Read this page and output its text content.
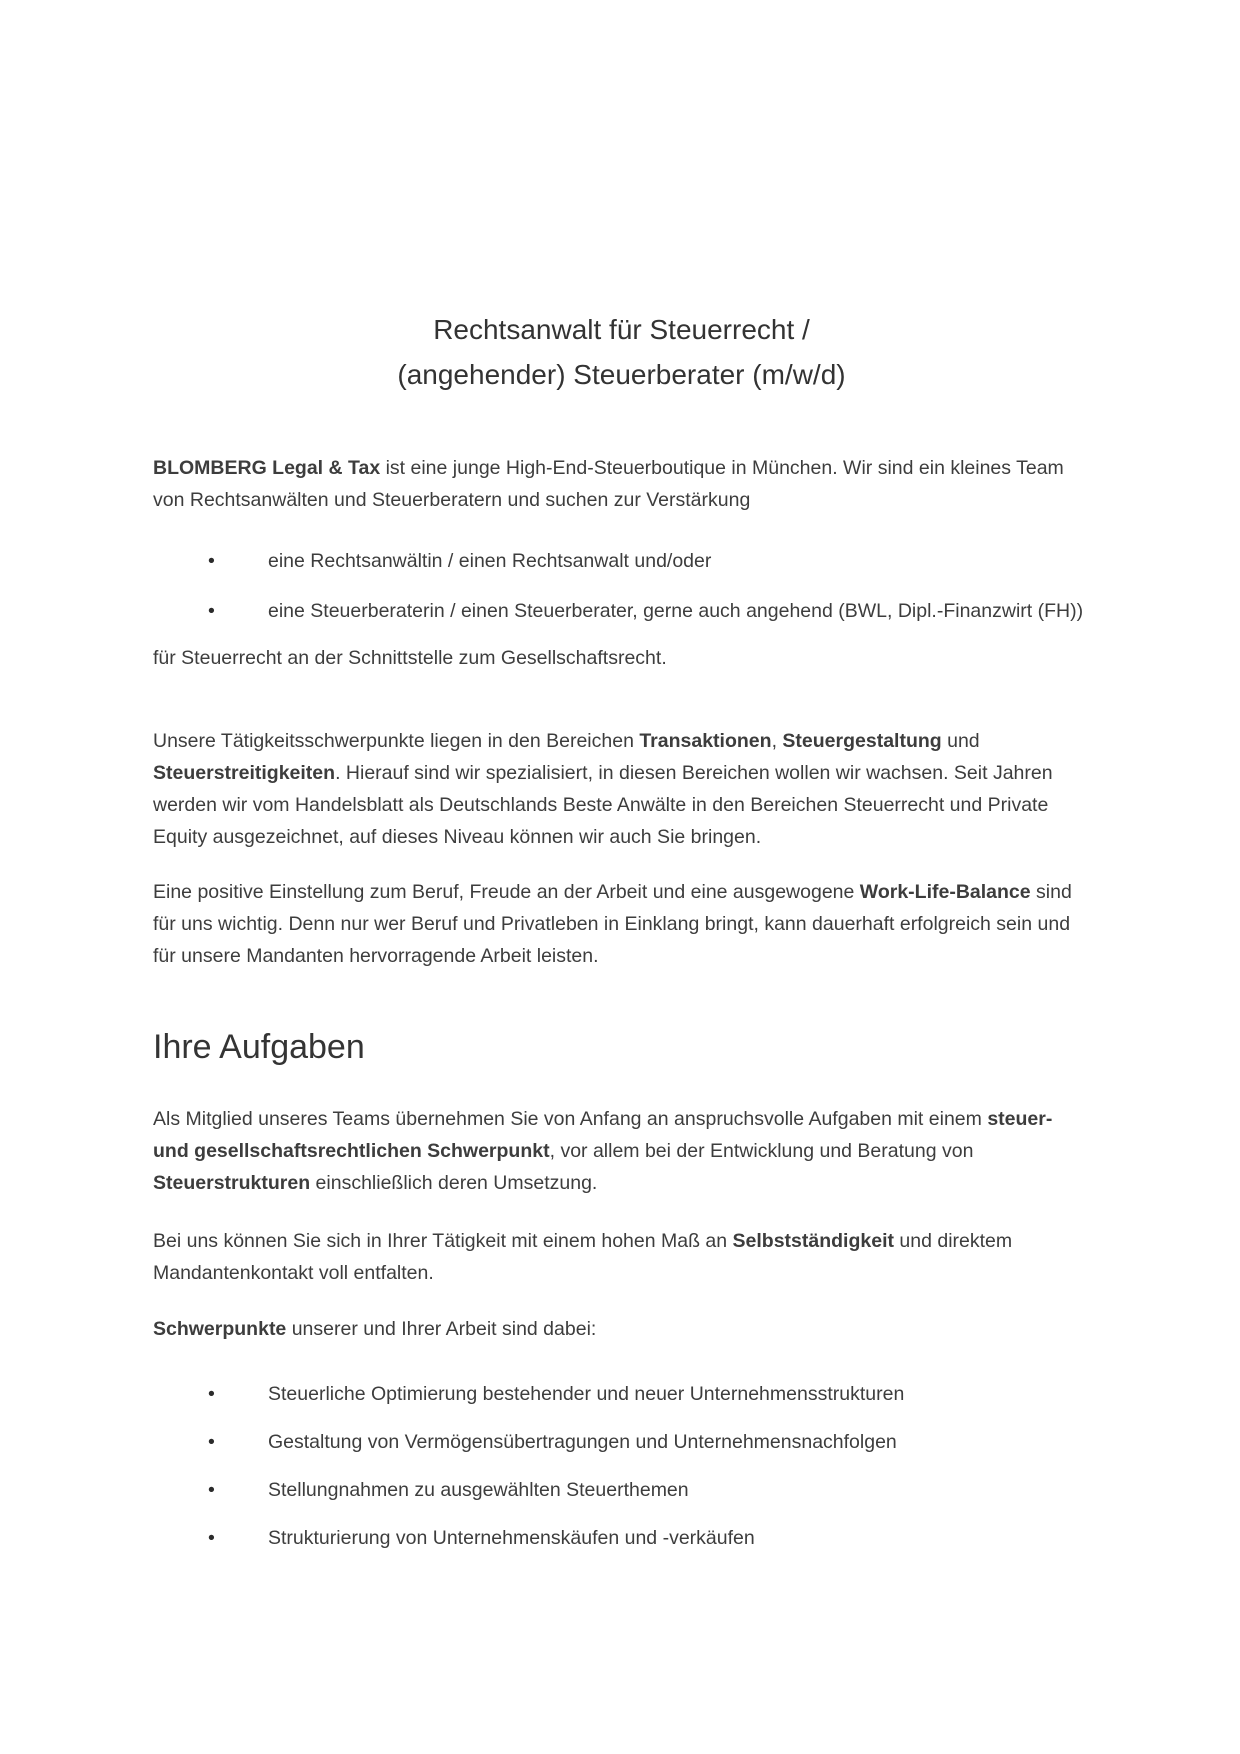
Rechtsanwalt für Steuerrecht /
(angehender) Steuerberater (m/w/d)

BLOMBERG Legal & Tax ist eine junge High-End-Steuerboutique in München. Wir sind ein kleines Team von Rechtsanwälten und Steuerberatern und suchen zur Verstärkung

•	eine Rechtsanwältin / einen Rechtsanwalt und/oder
•	eine Steuerberaterin / einen Steuerberater, gerne auch angehend (BWL, Dipl.-Finanzwirt (FH))

für Steuerrecht an der Schnittstelle zum Gesellschaftsrecht.

Unsere Tätigkeitsschwerpunkte liegen in den Bereichen Transaktionen, Steuergestaltung und Steuerstreitigkeiten. Hierauf sind wir spezialisiert, in diesen Bereichen wollen wir wachsen. Seit Jahren werden wir vom Handelsblatt als Deutschlands Beste Anwälte in den Bereichen Steuerrecht und Private Equity ausgezeichnet, auf dieses Niveau können wir auch Sie bringen.

Eine positive Einstellung zum Beruf, Freude an der Arbeit und eine ausgewogene Work-Life-Balance sind für uns wichtig. Denn nur wer Beruf und Privatleben in Einklang bringt, kann dauerhaft erfolgreich sein und für unsere Mandanten hervorragende Arbeit leisten.

Ihre Aufgaben

Als Mitglied unseres Teams übernehmen Sie von Anfang an anspruchsvolle Aufgaben mit einem steuer- und gesellschaftsrechtlichen Schwerpunkt, vor allem bei der Entwicklung und Beratung von Steuerstrukturen einschließlich deren Umsetzung.

Bei uns können Sie sich in Ihrer Tätigkeit mit einem hohen Maß an Selbstständigkeit und direktem Mandantenkontakt voll entfalten.

Schwerpunkte unserer und Ihrer Arbeit sind dabei:

•	Steuerliche Optimierung bestehender und neuer Unternehmensstrukturen
•	Gestaltung von Vermögensübertragungen und Unternehmensnachfolgen
•	Stellungnahmen zu ausgewählten Steuerthemen
•	Strukturierung von Unternehmenskäufen und -verkäufen
